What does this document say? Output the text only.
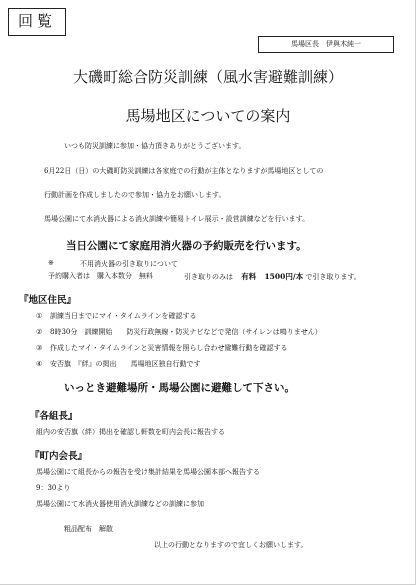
回覧
馬場区長　伊與木純一
大磯町総合防災訓練（風水害避難訓練）
馬場地区についての案内
いつも防災訓練に参加・協力頂きありがとうございます。
6月22日（日）の大磯町防災訓練は各家庭での行動が主体となりますが馬場地区としての
行動計画を作成しましたので参加・協力をお願いします。
馬場公園にて水消火器による消火訓練や簡易トイレ展示・設営訓練などを行います。
当日公園にて家庭用消火器の予約販売を行います。
※	不用消火器の引き取りについて
予約購入者は　購入本数分　無料	引き取りのみは 有料 1500円/本 で引き取ります。
『地区住民』
① 訓練当日までにマイ・タイムラインを確認する
② 8時30分　訓練開始　　防災行政無線・防災ナビなどで発信（サイレンは鳴りません）
③ 作成したマイ・タイムラインと災害情報を照らし合わせ避難行動を確認する
④ 安否旗　『絆』の掲出　　馬場地区独自行動です
いっとき避難場所・馬場公園に避難して下さい。
『各組長』
組内の安否旗（絆）掲出を確認し軒数を町内会長に報告する
『町内会長』
馬場公園にて組長からの報告を受け集計結果を馬場公園本部へ報告する
9：30より
馬場公園にて水消火器使用消火訓練などの訓練に参加
粗品配布　解散
以上の行動となりますので宜しくお願いします。
